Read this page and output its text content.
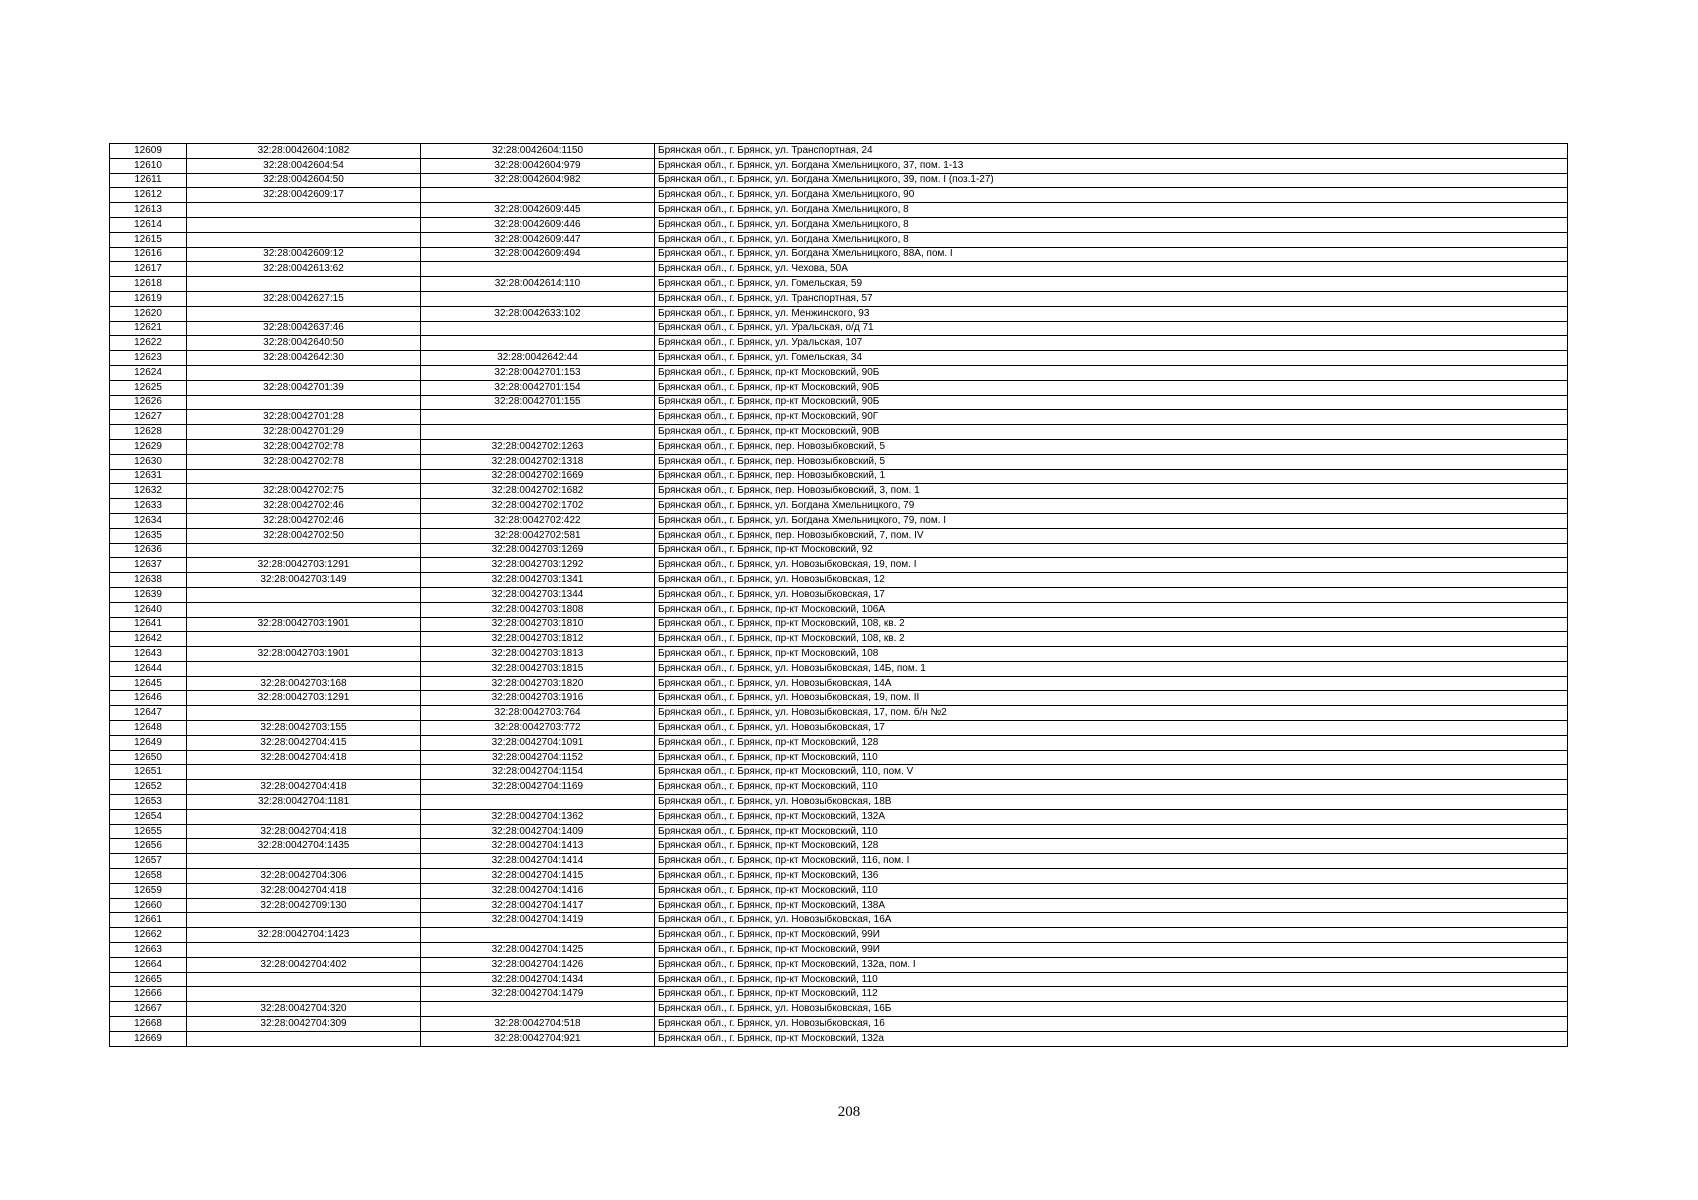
12609	32:28:0042604:1082	32:28:0042604:1150	Брянская обл., г. Брянск, ул. Транспортная, 24
12610	32:28:0042604:54	32:28:0042604:979	Брянская обл., г. Брянск, ул. Богдана Хмельницкого, 37, пом. 1-13
12611	32:28:0042604:50	32:28:0042604:982	Брянская обл., г. Брянск, ул. Богдана Хмельницкого, 39, пом. I (поз.1-27)
12612	32:28:0042609:17		Брянская обл., г. Брянск, ул. Богдана Хмельницкого, 90
12613		32:28:0042609:445	Брянская обл., г. Брянск, ул. Богдана Хмельницкого, 8
12614		32:28:0042609:446	Брянская обл., г. Брянск, ул. Богдана Хмельницкого, 8
12615		32:28:0042609:447	Брянская обл., г. Брянск, ул. Богдана Хмельницкого, 8
12616	32:28:0042609:12	32:28:0042609:494	Брянская обл., г. Брянск, ул. Богдана Хмельницкого, 88А, пом. I
12617	32:28:0042613:62		Брянская обл., г. Брянск, ул. Чехова, 50А
12618		32:28:0042614:110	Брянская обл., г. Брянск, ул. Гомельская, 59
12619	32:28:0042627:15		Брянская обл., г. Брянск, ул. Транспортная, 57
12620		32:28:0042633:102	Брянская обл., г. Брянск, ул. Менжинского, 93
12621	32:28:0042637:46		Брянская обл., г. Брянск, ул. Уральская, о/д 71
12622	32:28:0042640:50		Брянская обл., г. Брянск, ул. Уральская, 107
12623	32:28:0042642:30	32:28:0042642:44	Брянская обл., г. Брянск, ул. Гомельская, 34
12624		32:28:0042701:153	Брянская обл., г. Брянск, пр-кт Московский, 90Б
12625	32:28:0042701:39	32:28:0042701:154	Брянская обл., г. Брянск, пр-кт Московский, 90Б
12626		32:28:0042701:155	Брянская обл., г. Брянск, пр-кт Московский, 90Б
12627	32:28:0042701:28		Брянская обл., г. Брянск, пр-кт Московский, 90Г
12628	32:28:0042701:29		Брянская обл., г. Брянск, пр-кт Московский, 90В
12629	32:28:0042702:78	32:28:0042702:1263	Брянская обл., г. Брянск, пер. Новозыбковский, 5
12630	32:28:0042702:78	32:28:0042702:1318	Брянская обл., г. Брянск, пер. Новозыбковский, 5
12631		32:28:0042702:1669	Брянская обл., г. Брянск, пер. Новозыбковский, 1
12632	32:28:0042702:75	32:28:0042702:1682	Брянская обл., г. Брянск, пер. Новозыбковский, 3, пом. 1
12633	32:28:0042702:46	32:28:0042702:1702	Брянская обл., г. Брянск, ул. Богдана Хмельницкого, 79
12634	32:28:0042702:46	32:28:0042702:422	Брянская обл., г. Брянск, ул. Богдана Хмельницкого, 79, пом. I
12635	32:28:0042702:50	32:28:0042702:581	Брянская обл., г. Брянск, пер. Новозыбковский, 7, пом. IV
12636		32:28:0042703:1269	Брянская обл., г. Брянск, пр-кт Московский, 92
12637	32:28:0042703:1291	32:28:0042703:1292	Брянская обл., г. Брянск, ул. Новозыбковская, 19, пом. I
12638	32:28:0042703:149	32:28:0042703:1341	Брянская обл., г. Брянск, ул. Новозыбковская, 12
12639		32:28:0042703:1344	Брянская обл., г. Брянск, ул. Новозыбковская, 17
12640		32:28:0042703:1808	Брянская обл., г. Брянск, пр-кт Московский, 106А
12641	32:28:0042703:1901	32:28:0042703:1810	Брянская обл., г. Брянск, пр-кт Московский, 108, кв. 2
12642		32:28:0042703:1812	Брянская обл., г. Брянск, пр-кт Московский, 108, кв. 2
12643	32:28:0042703:1901	32:28:0042703:1813	Брянская обл., г. Брянск, пр-кт Московский, 108
12644		32:28:0042703:1815	Брянская обл., г. Брянск, ул. Новозыбковская, 14Б, пом. 1
12645	32:28:0042703:168	32:28:0042703:1820	Брянская обл., г. Брянск, ул. Новозыбковская, 14А
12646	32:28:0042703:1291	32:28:0042703:1916	Брянская обл., г. Брянск, ул. Новозыбковская, 19, пом. II
12647		32:28:0042703:764	Брянская обл., г. Брянск, ул. Новозыбковская, 17, пом. б/н №2
12648	32:28:0042703:155	32:28:0042703:772	Брянская обл., г. Брянск, ул. Новозыбковская, 17
12649	32:28:0042704:415	32:28:0042704:1091	Брянская обл., г. Брянск, пр-кт Московский, 128
12650	32:28:0042704:418	32:28:0042704:1152	Брянская обл., г. Брянск, пр-кт Московский, 110
12651		32:28:0042704:1154	Брянская обл., г. Брянск, пр-кт Московский, 110, пом. V
12652	32:28:0042704:418	32:28:0042704:1169	Брянская обл., г. Брянск, пр-кт Московский, 110
12653	32:28:0042704:1181		Брянская обл., г. Брянск, ул. Новозыбковская, 18В
12654		32:28:0042704:1362	Брянская обл., г. Брянск, пр-кт Московский, 132А
12655	32:28:0042704:418	32:28:0042704:1409	Брянская обл., г. Брянск, пр-кт Московский, 110
12656	32:28:0042704:1435	32:28:0042704:1413	Брянская обл., г. Брянск, пр-кт Московский, 128
12657		32:28:0042704:1414	Брянская обл., г. Брянск, пр-кт Московский, 116, пом. I
12658	32:28:0042704:306	32:28:0042704:1415	Брянская обл., г. Брянск, пр-кт Московский, 136
12659	32:28:0042704:418	32:28:0042704:1416	Брянская обл., г. Брянск, пр-кт Московский, 110
12660	32:28:0042709:130	32:28:0042704:1417	Брянская обл., г. Брянск, пр-кт Московский, 138А
12661		32:28:0042704:1419	Брянская обл., г. Брянск, ул. Новозыбковская, 16А
12662	32:28:0042704:1423		Брянская обл., г. Брянск, пр-кт Московский, 99И
12663		32:28:0042704:1425	Брянская обл., г. Брянск, пр-кт Московский, 99И
12664	32:28:0042704:402	32:28:0042704:1426	Брянская обл., г. Брянск, пр-кт Московский, 132а, пом. I
12665		32:28:0042704:1434	Брянская обл., г. Брянск, пр-кт Московский, 110
12666		32:28:0042704:1479	Брянская обл., г. Брянск, пр-кт Московский, 112
12667	32:28:0042704:320		Брянская обл., г. Брянск, ул. Новозыбковская, 16Б
12668	32:28:0042704:309	32:28:0042704:518	Брянская обл., г. Брянск, ул. Новозыбковская, 16
12669		32:28:0042704:921	Брянская обл., г. Брянск, пр-кт Московский, 132а
208
